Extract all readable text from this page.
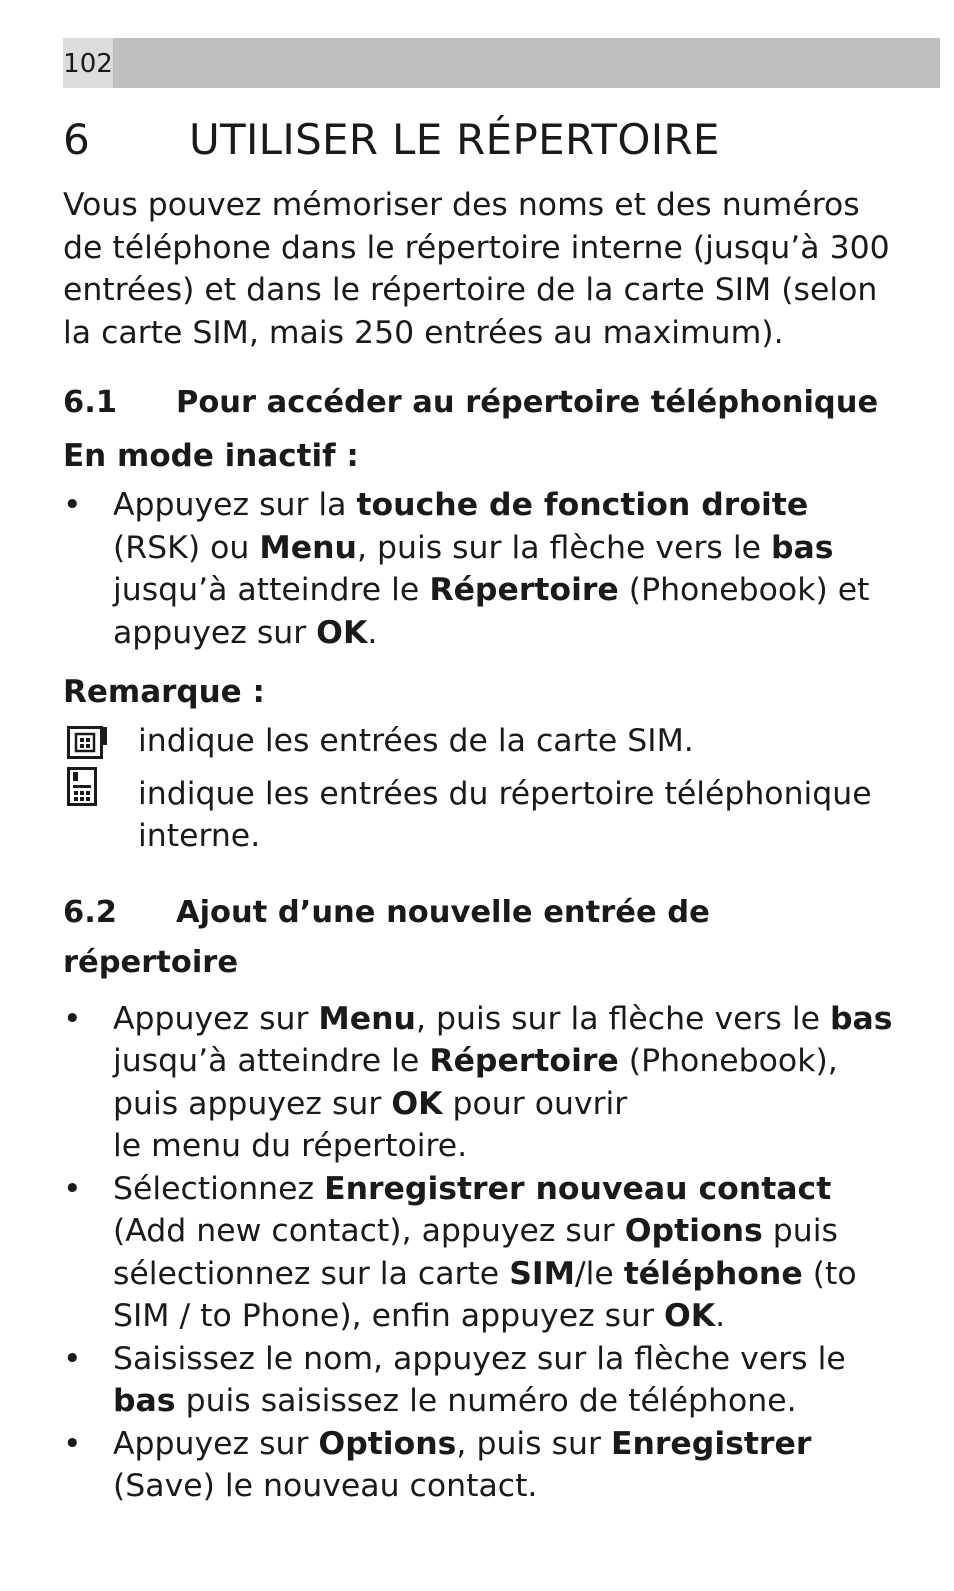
102
6 UTILISER LE RÉPERTOIRE

Vous pouvez mémoriser des noms et des numéros de téléphone dans le répertoire interne (jusqu’à 300 entrées) et dans le répertoire de la carte SIM (selon la carte SIM, mais 250 entrées au maximum).

6.1 Pour accéder au répertoire téléphonique
En mode inactif :
• Appuyez sur la touche de fonction droite (RSK) ou Menu, puis sur la flèche vers le bas jusqu’à atteindre le Répertoire (Phonebook) et appuyez sur OK.
Remarque :
indique les entrées de la carte SIM.
indique les entrées du répertoire téléphonique interne.
6.2 Ajout d’une nouvelle entrée de répertoire
• Appuyez sur Menu, puis sur la flèche vers le bas jusqu’à atteindre le Répertoire (Phonebook), puis appuyez sur OK pour ouvrir
le menu du répertoire.
• Sélectionnez Enregistrer nouveau contact (Add new contact), appuyez sur Options puis sélectionnez sur la carte SIM/le téléphone (to SIM / to Phone), enfin appuyez sur OK.
• Saisissez le nom, appuyez sur la flèche vers le bas puis saisissez le numéro de téléphone.
• Appuyez sur Options, puis sur Enregistrer (Save) le nouveau contact.
